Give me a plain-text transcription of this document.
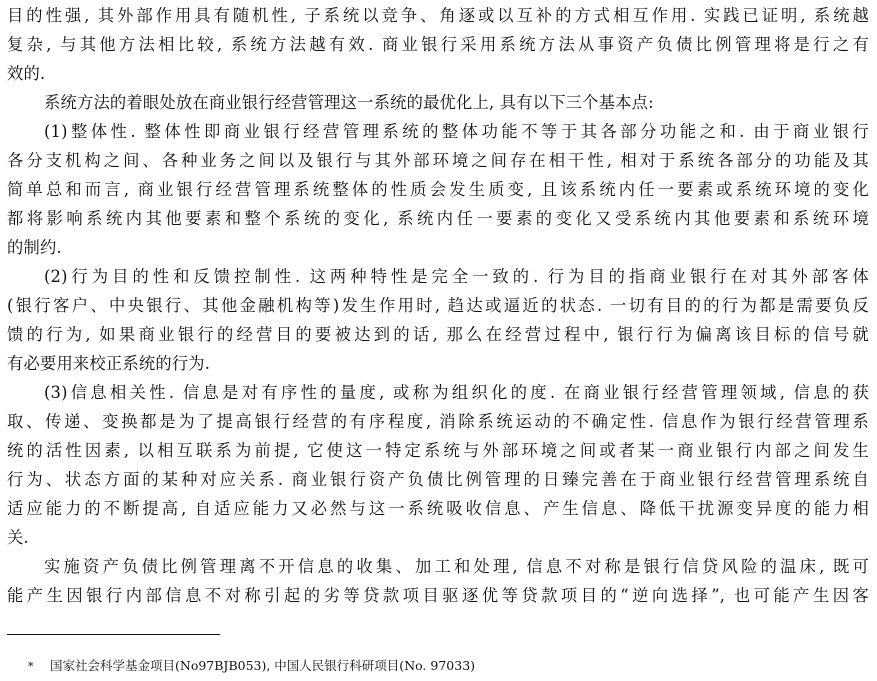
目的性强, 其外部作用具有随机性, 子系统以竞争、角逐或以互补的方式相互作用. 实践已证明, 系统越
复杂, 与其他方法相比较, 系统方法越有效. 商业银行采用系统方法从事资产负债比例管理将是行之有
效的.
系统方法的着眼处放在商业银行经营管理这一系统的最优化上, 具有以下三个基本点:
(1)整体性. 整体性即商业银行经营管理系统的整体功能不等于其各部分功能之和. 由于商业银行
各分支机构之间、各种业务之间以及银行与其外部环境之间存在相干性, 相对于系统各部分的功能及其
简单总和而言, 商业银行经营管理系统整体的性质会发生质变, 且该系统内任一要素或系统环境的变化
都将影响系统内其他要素和整个系统的变化, 系统内任一要素的变化又受系统内其他要素和系统环境
的制约.
(2)行为目的性和反馈控制性. 这两种特性是完全一致的. 行为目的指商业银行在对其外部客体
(银行客户、中央银行、其他金融机构等)发生作用时, 趋达或逼近的状态. 一切有目的的行为都是需要负反
馈的行为, 如果商业银行的经营目的要被达到的话, 那么在经营过程中, 银行行为偏离该目标的信号就
有必要用来校正系统的行为.
(3)信息相关性. 信息是对有序性的量度, 或称为组织化的度. 在商业银行经营管理领域, 信息的获
取、传递、变换都是为了提高银行经营的有序程度, 消除系统运动的不确定性. 信息作为银行经营管理系
统的活性因素, 以相互联系为前提, 它使这一特定系统与外部环境之间或者某一商业银行内部之间发生
行为、状态方面的某种对应关系. 商业银行资产负债比例管理的日臻完善在于商业银行经营管理系统自
适应能力的不断提高, 自适应能力又必然与这一系统吸收信息、产生信息、降低干扰源变异度的能力相
关.
实施资产负债比例管理离不开信息的收集、加工和处理, 信息不对称是银行信贷风险的温床, 既可
能产生因银行内部信息不对称引起的劣等贷款项目驱逐优等贷款项目的“逆向选择”, 也可能产生因客
* 国家社会科学基金项目(No97BJB053), 中国人民银行科研项目(No. 97033)
